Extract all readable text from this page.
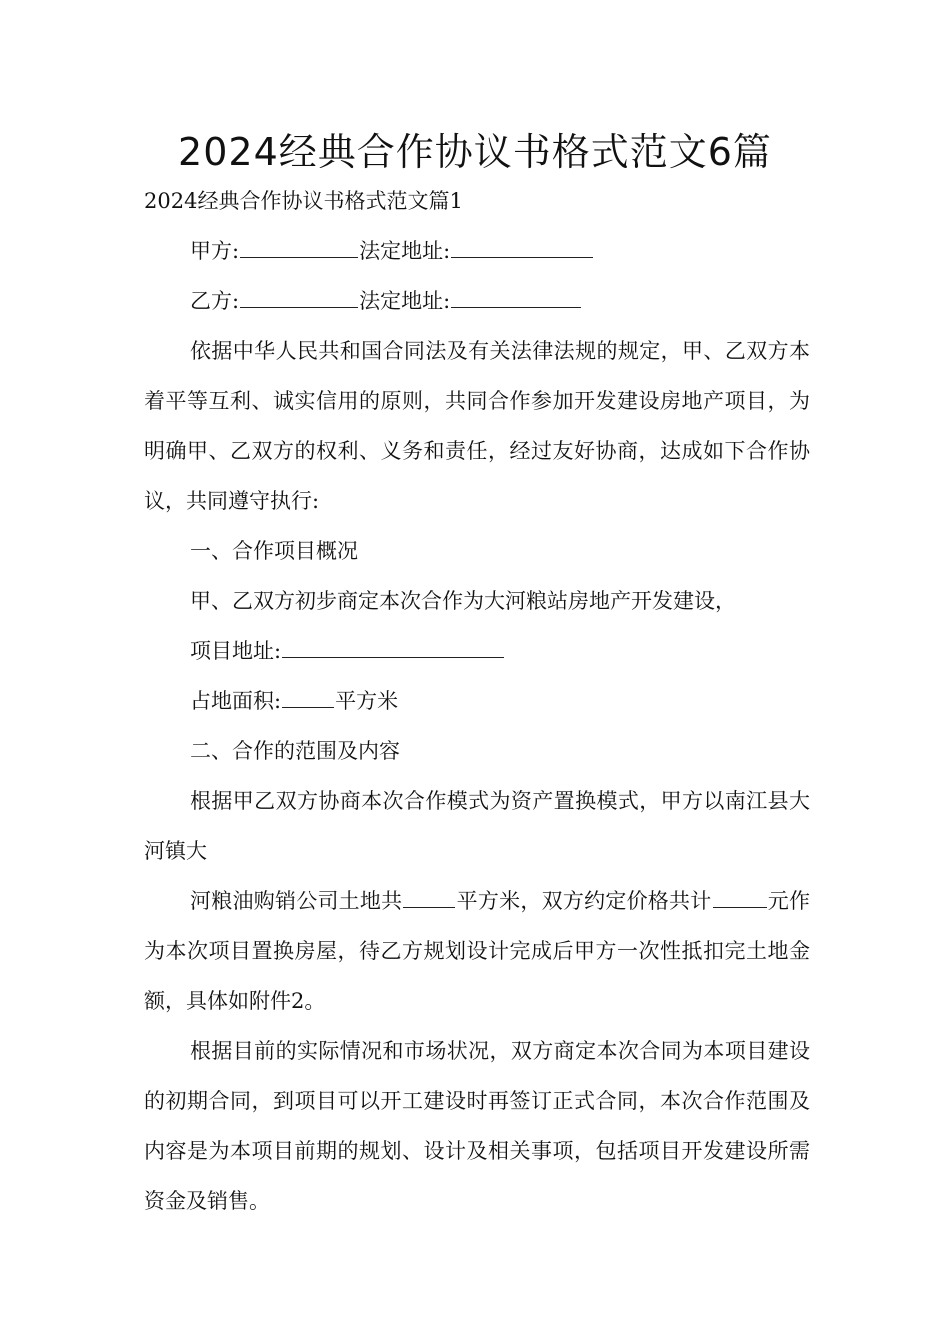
2024经典合作协议书格式范文6篇

2024经典合作协议书格式范文篇1

甲方:	法定地址:

乙方:	法定地址:

依据中华人民共和国合同法及有关法律法规的规定，甲、乙双方本着平等互利、诚实信用的原则，共同合作参加开发建设房地产项目，为明确甲、乙双方的权利、义务和责任，经过友好协商，达成如下合作协议，共同遵守执行:

一、合作项目概况

甲、乙双方初步商定本次合作为大河粮站房地产开发建设，

项目地址:

占地面积:	平方米

二、合作的范围及内容

根据甲乙双方协商本次合作模式为资产置换模式，甲方以南江县大河镇大

河粮油购销公司土地共	平方米，双方约定价格共计	元作为本次项目置换房屋，待乙方规划设计完成后甲方一次性抵扣完土地金额，具体如附件2。

根据目前的实际情况和市场状况，双方商定本次合同为本项目建设的初期合同，到项目可以开工建设时再签订正式合同，本次合作范围及内容是为本项目前期的规划、设计及相关事项，包括项目开发建设所需资金及销售。
